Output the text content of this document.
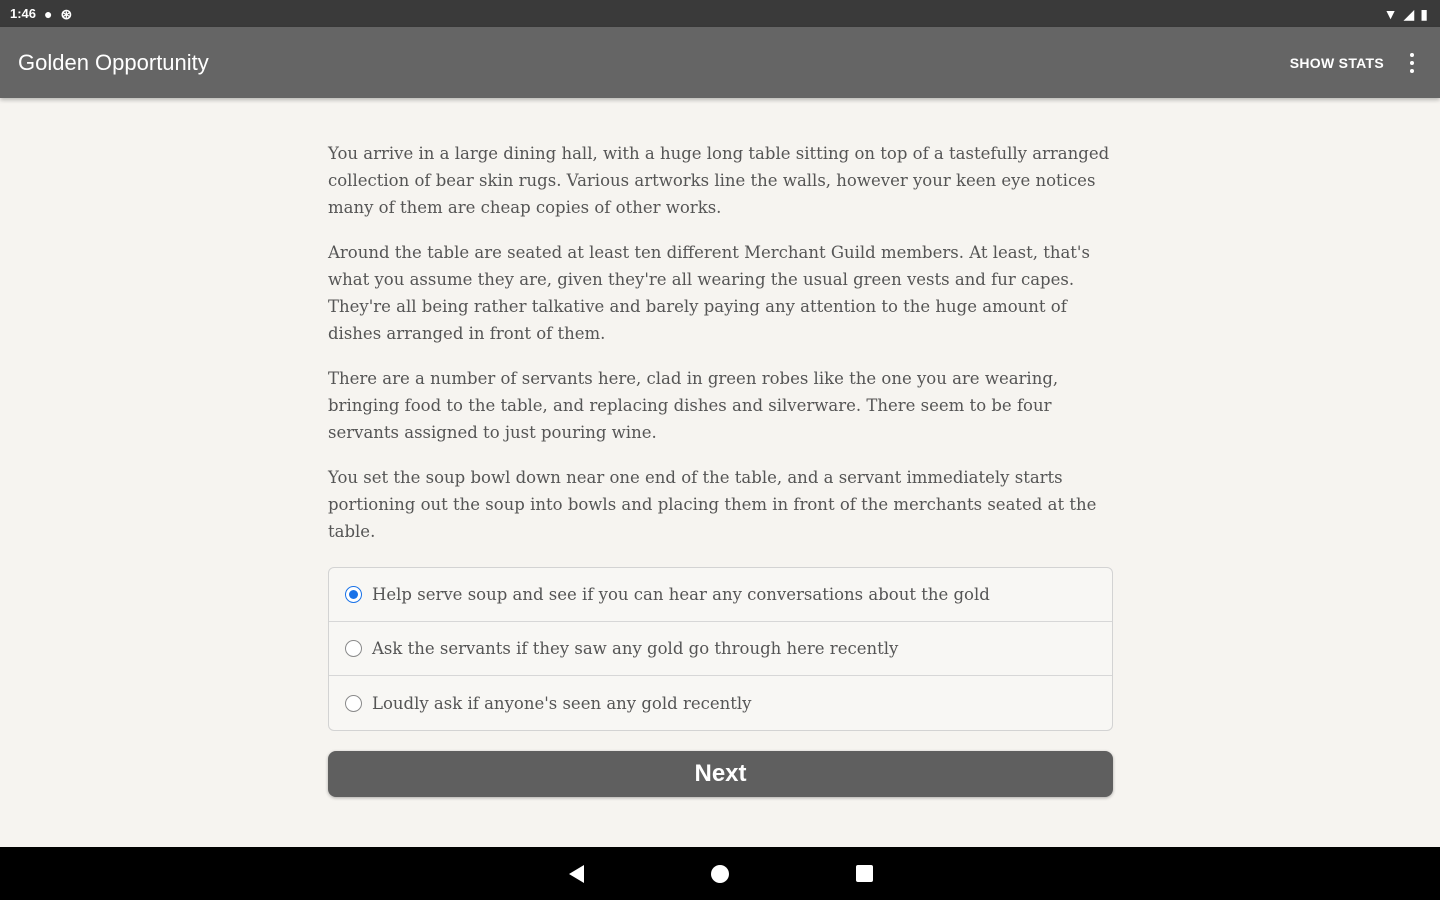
1:46 ● ⊛	▼ ◢ ▮
Golden Opportunity	SHOW STATS

You arrive in a large dining hall, with a huge long table sitting on top of a tastefully arranged collection of bear skin rugs. Various artworks line the walls, however your keen eye notices many of them are cheap copies of other works.

Around the table are seated at least ten different Merchant Guild members. At least, that's what you assume they are, given they're all wearing the usual green vests and fur capes. They're all being rather talkative and barely paying any attention to the huge amount of dishes arranged in front of them.

There are a number of servants here, clad in green robes like the one you are wearing, bringing food to the table, and replacing dishes and silverware. There seem to be four servants assigned to just pouring wine.

You set the soup bowl down near one end of the table, and a servant immediately starts portioning out the soup into bowls and placing them in front of the merchants seated at the table.

Help serve soup and see if you can hear any conversations about the gold
Ask the servants if they saw any gold go through here recently
Loudly ask if anyone's seen any gold recently
Next
